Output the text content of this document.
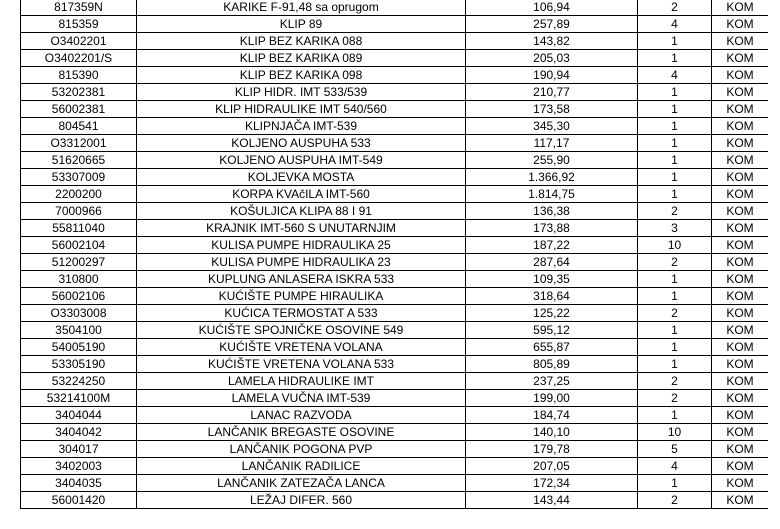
817359N	KARIKE F-91,48 sa oprugom	106,94	2	KOM
815359	KLIP 89	257,89	4	KOM
O3402201	KLIP BEZ KARIKA 088	143,82	1	KOM
O3402201/S	KLIP BEZ KARIKA 089	205,03	1	KOM
815390	KLIP BEZ KARIKA 098	190,94	4	KOM
53202381	KLIP HIDR. IMT 533/539	210,77	1	KOM
56002381	KLIP HIDRAULIKE IMT 540/560	173,58	1	KOM
804541	KLIPNJAČA IMT-539	345,30	1	KOM
O3312001	KOLJENO AUSPUHA 533	117,17	1	KOM
51620665	KOLJENO AUSPUHA IMT-549	255,90	1	KOM
53307009	KOLJEVKA MOSTA	1.366,92	1	KOM
2200200	KORPA KVAčILA IMT-560	1.814,75	1	KOM
7000966	KOŠULJICA KLIPA 88 I 91	136,38	2	KOM
55811040	KRAJNIK IMT-560 S UNUTARNJIM	173,88	3	KOM
56002104	KULISA PUMPE HIDRAULIKA 25	187,22	10	KOM
51200297	KULISA PUMPE HIDRAULIKA 23	287,64	2	KOM
310800	KUPLUNG ANLASERA ISKRA 533	109,35	1	KOM
56002106	KUĆIŠTE PUMPE HIRAULIKA	318,64	1	KOM
O3303008	KUĆICA TERMOSTAT A 533	125,22	2	KOM
3504100	KUĆIŠTE SPOJNIČKE OSOVINE 549	595,12	1	KOM
54005190	KUĆIŠTE VRETENA VOLANA	655,87	1	KOM
53305190	KUĆIŠTE VRETENA VOLANA 533	805,89	1	KOM
53224250	LAMELA HIDRAULIKE IMT	237,25	2	KOM
53214100M	LAMELA VUČNA IMT-539	199,00	2	KOM
3404044	LANAC RAZVODA	184,74	1	KOM
3404042	LANČANIK BREGASTE OSOVINE	140,10	10	KOM
304017	LANČANIK POGONA PVP	179,78	5	KOM
3402003	LANČANIK RADILICE	207,05	4	KOM
3404035	LANČANIK ZATEZAČA LANCA	172,34	1	KOM
56001420	LEŽAJ DIFER. 560	143,44	2	KOM
